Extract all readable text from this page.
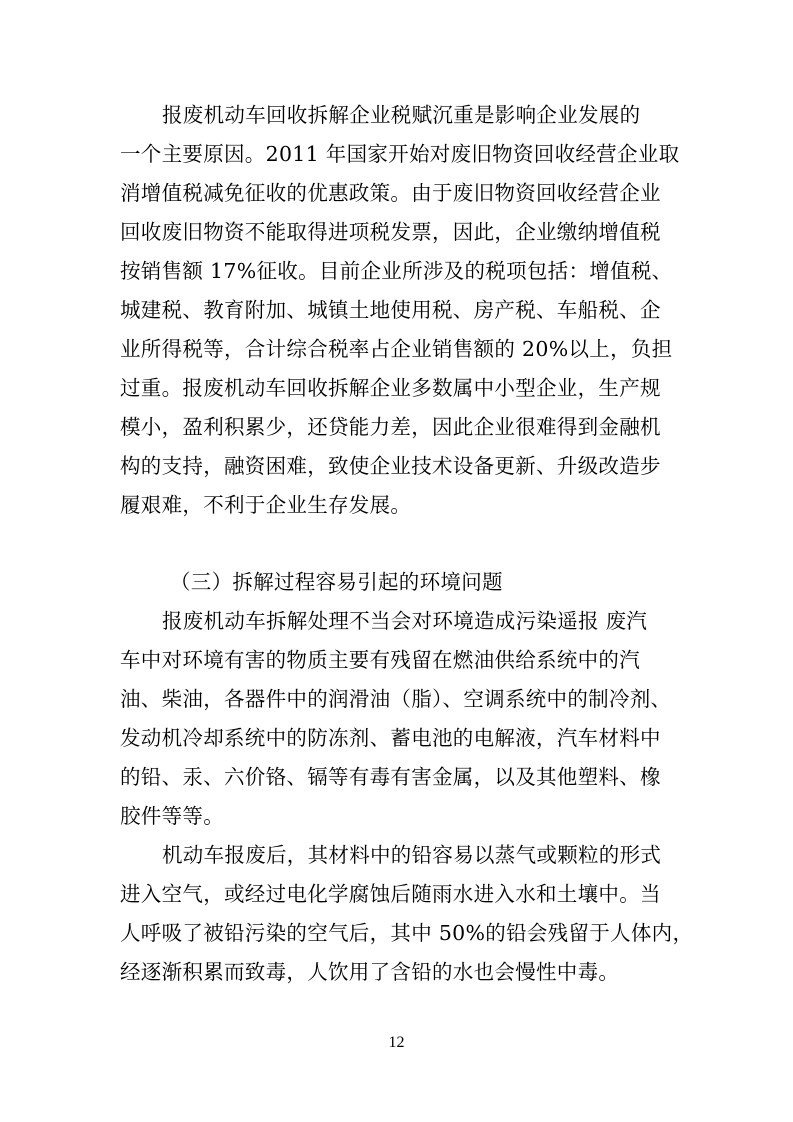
报废机动车回收拆解企业税赋沉重是影响企业发展的
一个主要原因。2011 年国家开始对废旧物资回收经营企业取
消增值税减免征收的优惠政策。由于废旧物资回收经营企业
回收废旧物资不能取得进项税发票，因此，企业缴纳增值税
按销售额 17%征收。目前企业所涉及的税项包括：增值税、
城建税、教育附加、城镇土地使用税、房产税、车船税、企
业所得税等，合计综合税率占企业销售额的 20%以上，负担
过重。报废机动车回收拆解企业多数属中小型企业，生产规
模小，盈利积累少，还贷能力差，因此企业很难得到金融机
构的支持，融资困难，致使企业技术设备更新、升级改造步
履艰难，不利于企业生存发展。
（三）拆解过程容易引起的环境问题
报废机动车拆解处理不当会对环境造成污染遥报 废汽
车中对环境有害的物质主要有残留在燃油供给系统中的汽
油、柴油，各器件中的润滑油（脂）、空调系统中的制冷剂、
发动机冷却系统中的防冻剂、蓄电池的电解液，汽车材料中
的铅、汞、六价铬、镉等有毒有害金属，以及其他塑料、橡
胶件等等。
机动车报废后，其材料中的铅容易以蒸气或颗粒的形式
进入空气，或经过电化学腐蚀后随雨水进入水和土壤中。当
人呼吸了被铅污染的空气后，其中 50%的铅会残留于人体内，
经逐渐积累而致毒，人饮用了含铅的水也会慢性中毒。
12
